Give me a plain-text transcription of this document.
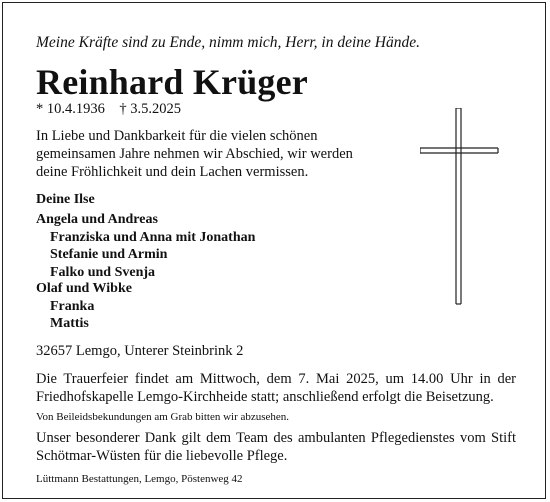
Meine Kräfte sind zu Ende, nimm mich, Herr, in deine Hände.
Reinhard Krüger
* 10.4.1936 † 3.5.2025
In Liebe und Dankbarkeit für die vielen schönen
gemeinsamen Jahre nehmen wir Abschied, wir werden
deine Fröhlichkeit und dein Lachen vermissen.
Deine Ilse
Angela und Andreas
Franziska und Anna mit Jonathan
Stefanie und Armin
Falko und Svenja
Olaf und Wibke
Franka
Mattis
32657 Lemgo, Unterer Steinbrink 2
Die Trauerfeier findet am Mittwoch, dem 7. Mai 2025, um 14.00 Uhr in der Friedhofskapelle Lemgo-Kirchheide statt; anschließend erfolgt die Beisetzung.
Von Beileidsbekundungen am Grab bitten wir abzusehen.
Unser besonderer Dank gilt dem Team des ambulanten Pflegedienstes vom Stift Schötmar-Wüsten für die liebevolle Pflege.
Lüttmann Bestattungen, Lemgo, Pöstenweg 42
